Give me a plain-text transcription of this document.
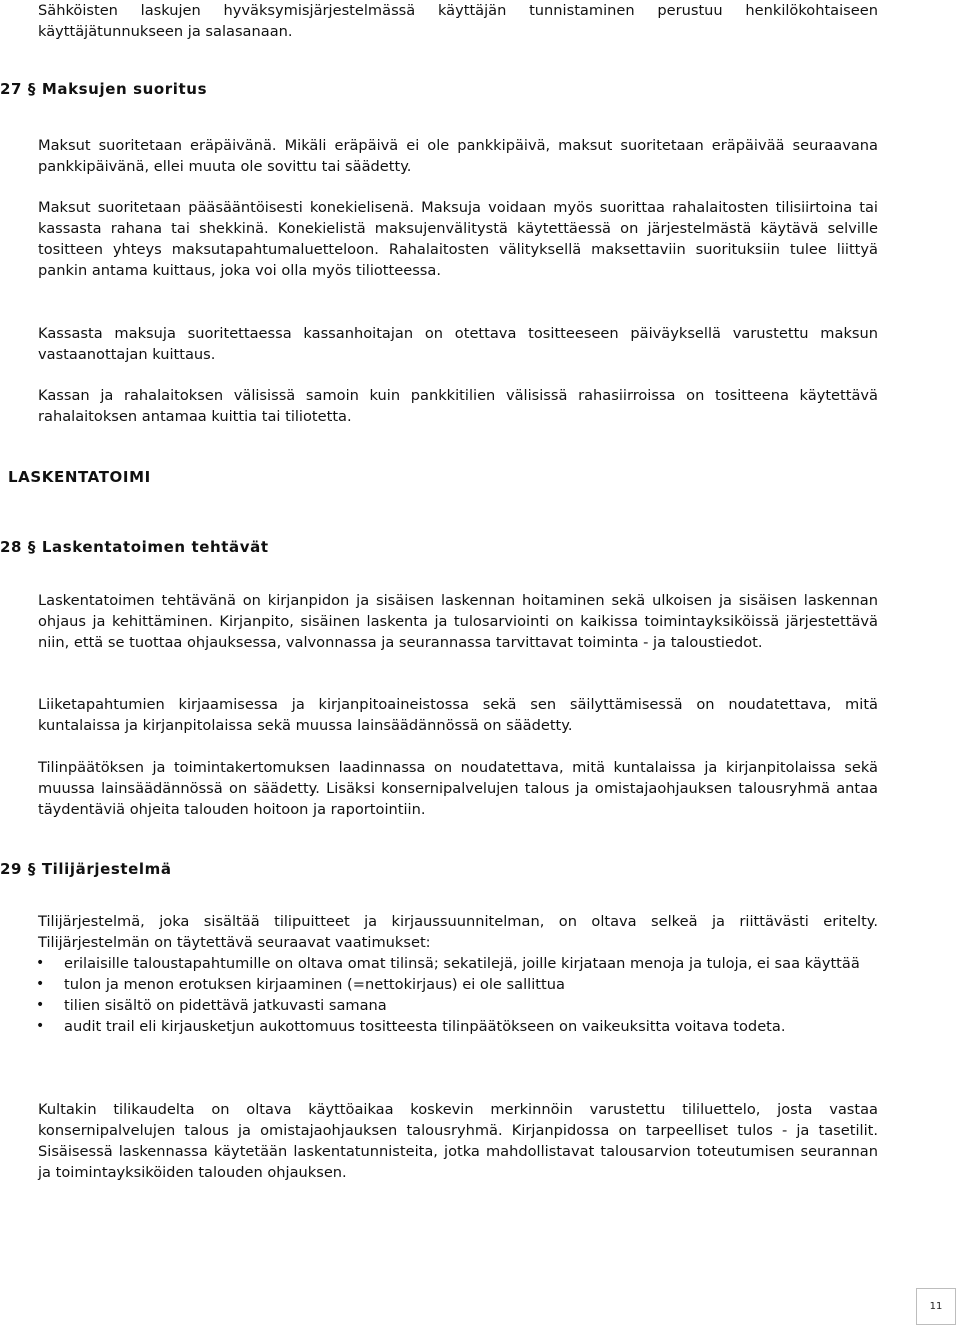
Sähköisten laskujen hyväksymisjärjestelmässä käyttäjän tunnistaminen perustuu henkilökohtaiseen käyttäjätunnukseen ja salasanaan.

27 § Maksujen suoritus

Maksut suoritetaan eräpäivänä. Mikäli eräpäivä ei ole pankkipäivä, maksut suoritetaan eräpäivää seuraavana pankkipäivänä, ellei muuta ole sovittu tai säädetty.

Maksut suoritetaan pääsääntöisesti konekielisenä. Maksuja voidaan myös suorittaa rahalaitosten tilisiirtoina tai kassasta rahana tai shekkinä. Konekielistä maksujenvälitystä käytettäessä on järjestelmästä käytävä selville tositteen yhteys maksutapahtumaluetteloon. Rahalaitosten välityksellä maksettaviin suorituksiin tulee liittyä pankin antama kuittaus, joka voi olla myös tiliotteessa.

Kassasta maksuja suoritettaessa kassanhoitajan on otettava tositteeseen päiväyksellä varustettu maksun vastaanottajan kuittaus.

Kassan ja rahalaitoksen välisissä samoin kuin pankkitilien välisissä rahasiirroissa on tositteena käytettävä rahalaitoksen antamaa kuittia tai tiliotetta.

LASKENTATOIMI
28 § Laskentatoimen tehtävät

Laskentatoimen tehtävänä on kirjanpidon ja sisäisen laskennan hoitaminen sekä ulkoisen ja sisäisen laskennan ohjaus ja kehittäminen. Kirjanpito, sisäinen laskenta ja tulosarviointi on kaikissa toimintayksiköissä järjestettävä niin, että se tuottaa ohjauksessa, valvonnassa ja seurannassa tarvittavat toiminta - ja taloustiedot.

Liiketapahtumien kirjaamisessa ja kirjanpitoaineistossa sekä sen säilyttämisessä on noudatettava, mitä kuntalaissa ja kirjanpitolaissa sekä muussa lainsäädännössä on säädetty.

Tilinpäätöksen ja toimintakertomuksen laadinnassa on noudatettava, mitä kuntalaissa ja kirjanpitolaissa sekä muussa lainsäädännössä on säädetty. Lisäksi konsernipalvelujen talous ja omistajaohjauksen talousryhmä antaa täydentäviä ohjeita talouden hoitoon ja raportointiin.

29 § Tilijärjestelmä

Tilijärjestelmä, joka sisältää tilipuitteet ja kirjaussuunnitelman, on oltava selkeä ja riittävästi eritelty. Tilijärjestelmän on täytettävä seuraavat vaatimukset:

• erilaisille taloustapahtumille on oltava omat tilinsä; sekatilejä, joille kirjataan menoja ja tuloja, ei saa käyttää
• tulon ja menon erotuksen kirjaaminen (=nettokirjaus) ei ole sallittua
• tilien sisältö on pidettävä jatkuvasti samana
• audit trail eli kirjausketjun aukottomuus tositteesta tilinpäätökseen on vaikeuksitta voitava todeta.

Kultakin tilikaudelta on oltava käyttöaikaa koskevin merkinnöin varustettu tililuettelo, josta vastaa konsernipalvelujen talous ja omistajaohjauksen talousryhmä. Kirjanpidossa on tarpeelliset tulos - ja tasetilit. Sisäisessä laskennassa käytetään laskentatunnisteita, jotka mahdollistavat talousarvion toteutumisen seurannan ja toimintayksiköiden talouden ohjauksen.

11
